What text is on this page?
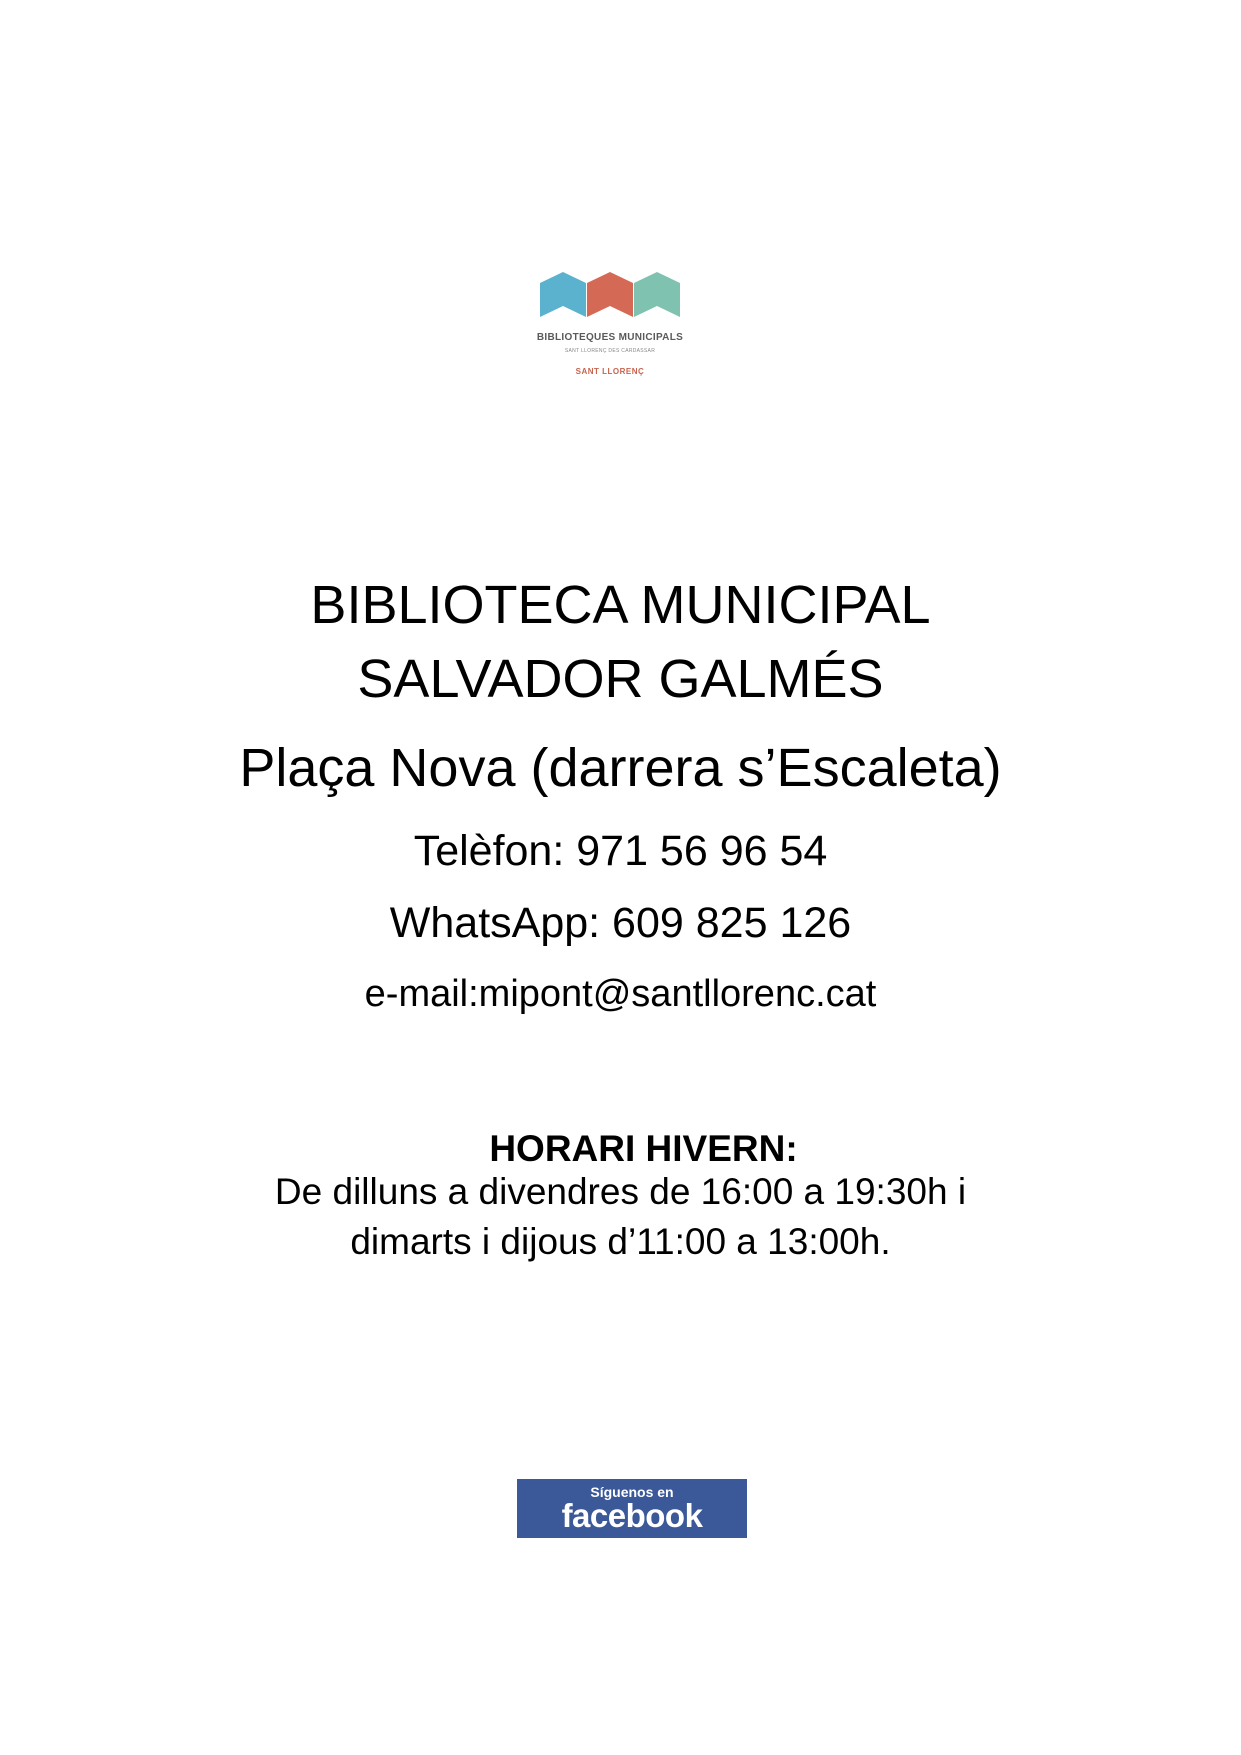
BIBLIOTEQUES MUNICIPALS
SANT LLORENÇ DES CARDASSAR
SANT LLORENÇ
BIBLIOTECA MUNICIPAL
SALVADOR GALMÉS
Plaça Nova (darrera s’Escaleta)
Telèfon: 971 56 96 54
WhatsApp: 609 825 126
e-mail:mipont@santllorenc.cat
HORARI HIVERN:
De dilluns a divendres de 16:00 a 19:30h i
dimarts i dijous d’11:00 a 13:00h.
Síguenos en
facebook
